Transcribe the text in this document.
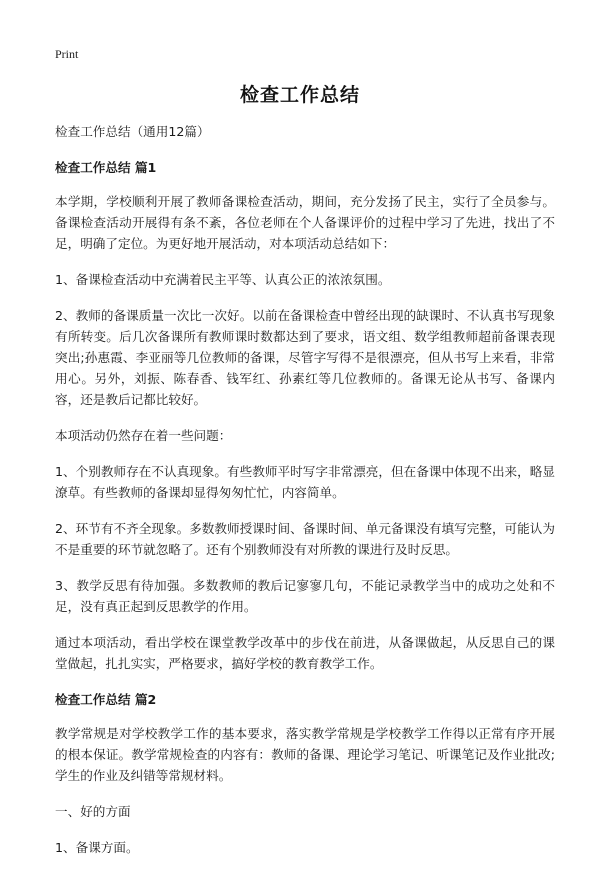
Print
检查工作总结

检查工作总结（通用12篇）

检查工作总结 篇1

本学期，学校顺利开展了教师备课检查活动，期间，充分发扬了民主，实行了全员参与。备课检查活动开展得有条不紊，各位老师在个人备课评价的过程中学习了先进，找出了不足，明确了定位。为更好地开展活动，对本项活动总结如下：

1、备课检查活动中充满着民主平等、认真公正的浓浓氛围。

2、教师的备课质量一次比一次好。以前在备课检查中曾经出现的缺课时、不认真书写现象有所转变。后几次备课所有教师课时数都达到了要求，语文组、数学组教师超前备课表现突出;孙惠霞、李亚丽等几位教师的备课，尽管字写得不是很漂亮，但从书写上来看，非常用心。另外，刘振、陈春香、钱军红、孙素红等几位教师的。备课无论从书写、备课内容，还是教后记都比较好。

本项活动仍然存在着一些问题：

1、个别教师存在不认真现象。有些教师平时写字非常漂亮，但在备课中体现不出来，略显潦草。有些教师的备课却显得匆匆忙忙，内容简单。

2、环节有不齐全现象。多数教师授课时间、备课时间、单元备课没有填写完整，可能认为不是重要的环节就忽略了。还有个别教师没有对所教的课进行及时反思。

3、教学反思有待加强。多数教师的教后记寥寥几句，不能记录教学当中的成功之处和不足，没有真正起到反思教学的作用。

通过本项活动，看出学校在课堂教学改革中的步伐在前进，从备课做起，从反思自己的课堂做起，扎扎实实，严格要求，搞好学校的教育教学工作。

检查工作总结 篇2

教学常规是对学校教学工作的基本要求，落实教学常规是学校教学工作得以正常有序开展的根本保证。教学常规检查的内容有：教师的备课、理论学习笔记、听课笔记及作业批改;学生的作业及纠错等常规材料。

一、好的方面

1、备课方面。
